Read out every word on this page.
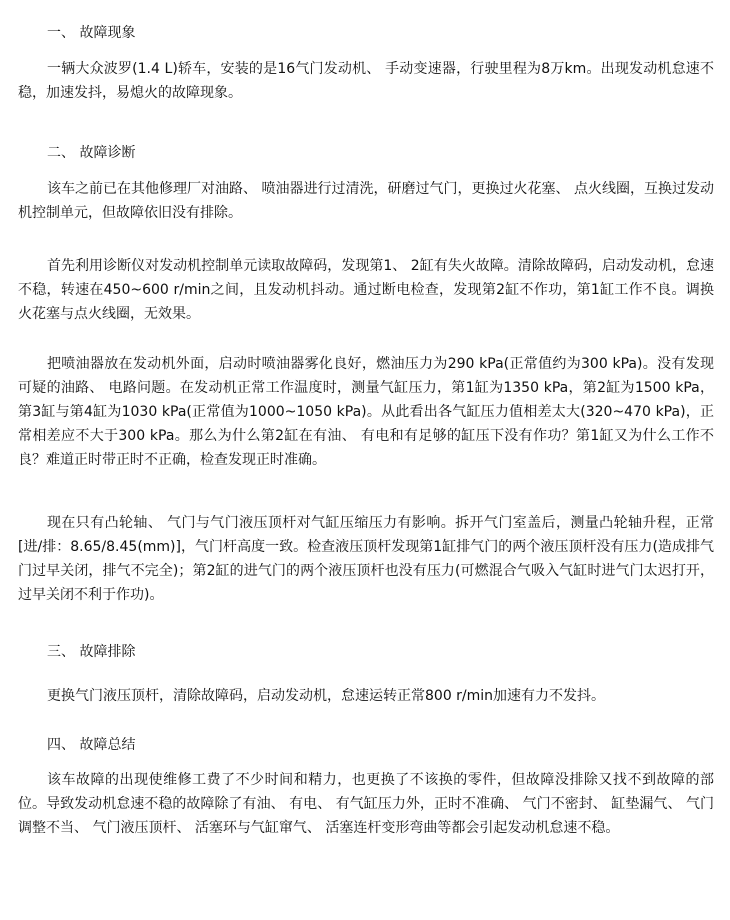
一、 故障现象

一辆大众波罗(1.4 L)轿车，安装的是16气门发动机、 手动变速器，行驶里程为8万km。出现发动机怠速不稳，加速发抖，易熄火的故障现象。

二、 故障诊断

该车之前已在其他修理厂对油路、 喷油器进行过清洗，研磨过气门，更换过火花塞、 点火线圈，互换过发动机控制单元，但故障依旧没有排除。

首先利用诊断仪对发动机控制单元读取故障码，发现第1、 2缸有失火故障。清除故障码，启动发动机，怠速不稳，转速在450~600 r/min之间，且发动机抖动。通过断电检查，发现第2缸不作功，第1缸工作不良。调换火花塞与点火线圈，无效果。

把喷油器放在发动机外面，启动时喷油器雾化良好，燃油压力为290 kPa(正常值约为300 kPa)。没有发现可疑的油路、 电路问题。在发动机正常工作温度时，测量气缸压力，第1缸为1350 kPa，第2缸为1500 kPa，第3缸与第4缸为1030 kPa(正常值为1000~1050 kPa)。从此看出各气缸压力值相差太大(320~470 kPa)，正常相差应不大于300 kPa。那么为什么第2缸在有油、 有电和有足够的缸压下没有作功？第1缸又为什么工作不良？难道正时带正时不正确，检查发现正时准确。

现在只有凸轮轴、 气门与气门液压顶杆对气缸压缩压力有影响。拆开气门室盖后，测量凸轮轴升程，正常[进/排：8.65/8.45(mm)]，气门杆高度一致。检查液压顶杆发现第1缸排气门的两个液压顶杆没有压力(造成排气门过早关闭，排气不完全)；第2缸的进气门的两个液压顶杆也没有压力(可燃混合气吸入气缸时进气门太迟打开，过早关闭不利于作功)。

三、 故障排除

更换气门液压顶杆，清除故障码，启动发动机，怠速运转正常800 r/min加速有力不发抖。

四、 故障总结

该车故障的出现使维修工费了不少时间和精力，也更换了不该换的零件，但故障没排除又找不到故障的部位。导致发动机怠速不稳的故障除了有油、 有电、 有气缸压力外，正时不准确、 气门不密封、 缸垫漏气、 气门调整不当、 气门液压顶杆、 活塞环与气缸窜气、 活塞连杆变形弯曲等都会引起发动机怠速不稳。
